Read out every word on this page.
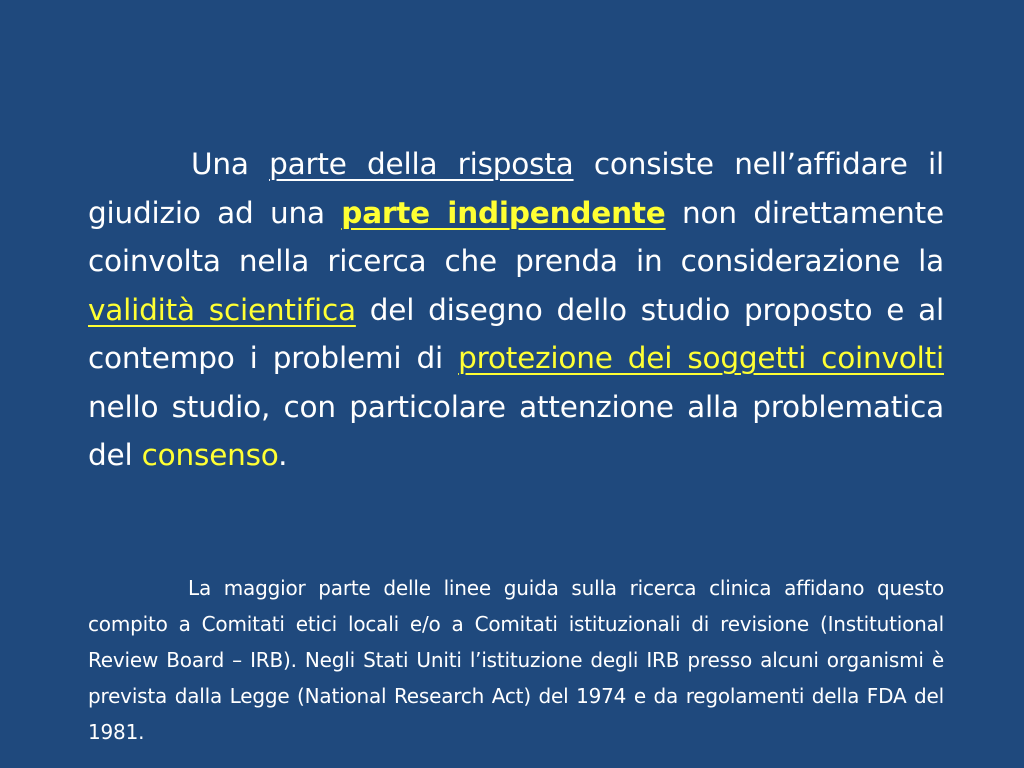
Una parte della risposta consiste nell’affidare il giudizio ad una parte indipendente non direttamente coinvolta nella ricerca che prenda in considerazione la validità scientifica del disegno dello studio proposto e al contempo i problemi di protezione dei soggetti coinvolti nello studio, con particolare attenzione alla problematica del consenso.

La maggior parte delle linee guida sulla ricerca clinica affidano questo compito a Comitati etici locali e/o a Comitati istituzionali di revisione (Institutional Review Board – IRB). Negli Stati Uniti l’istituzione degli IRB presso alcuni organismi è prevista dalla Legge (National Research Act) del 1974 e da regolamenti della FDA del 1981.
